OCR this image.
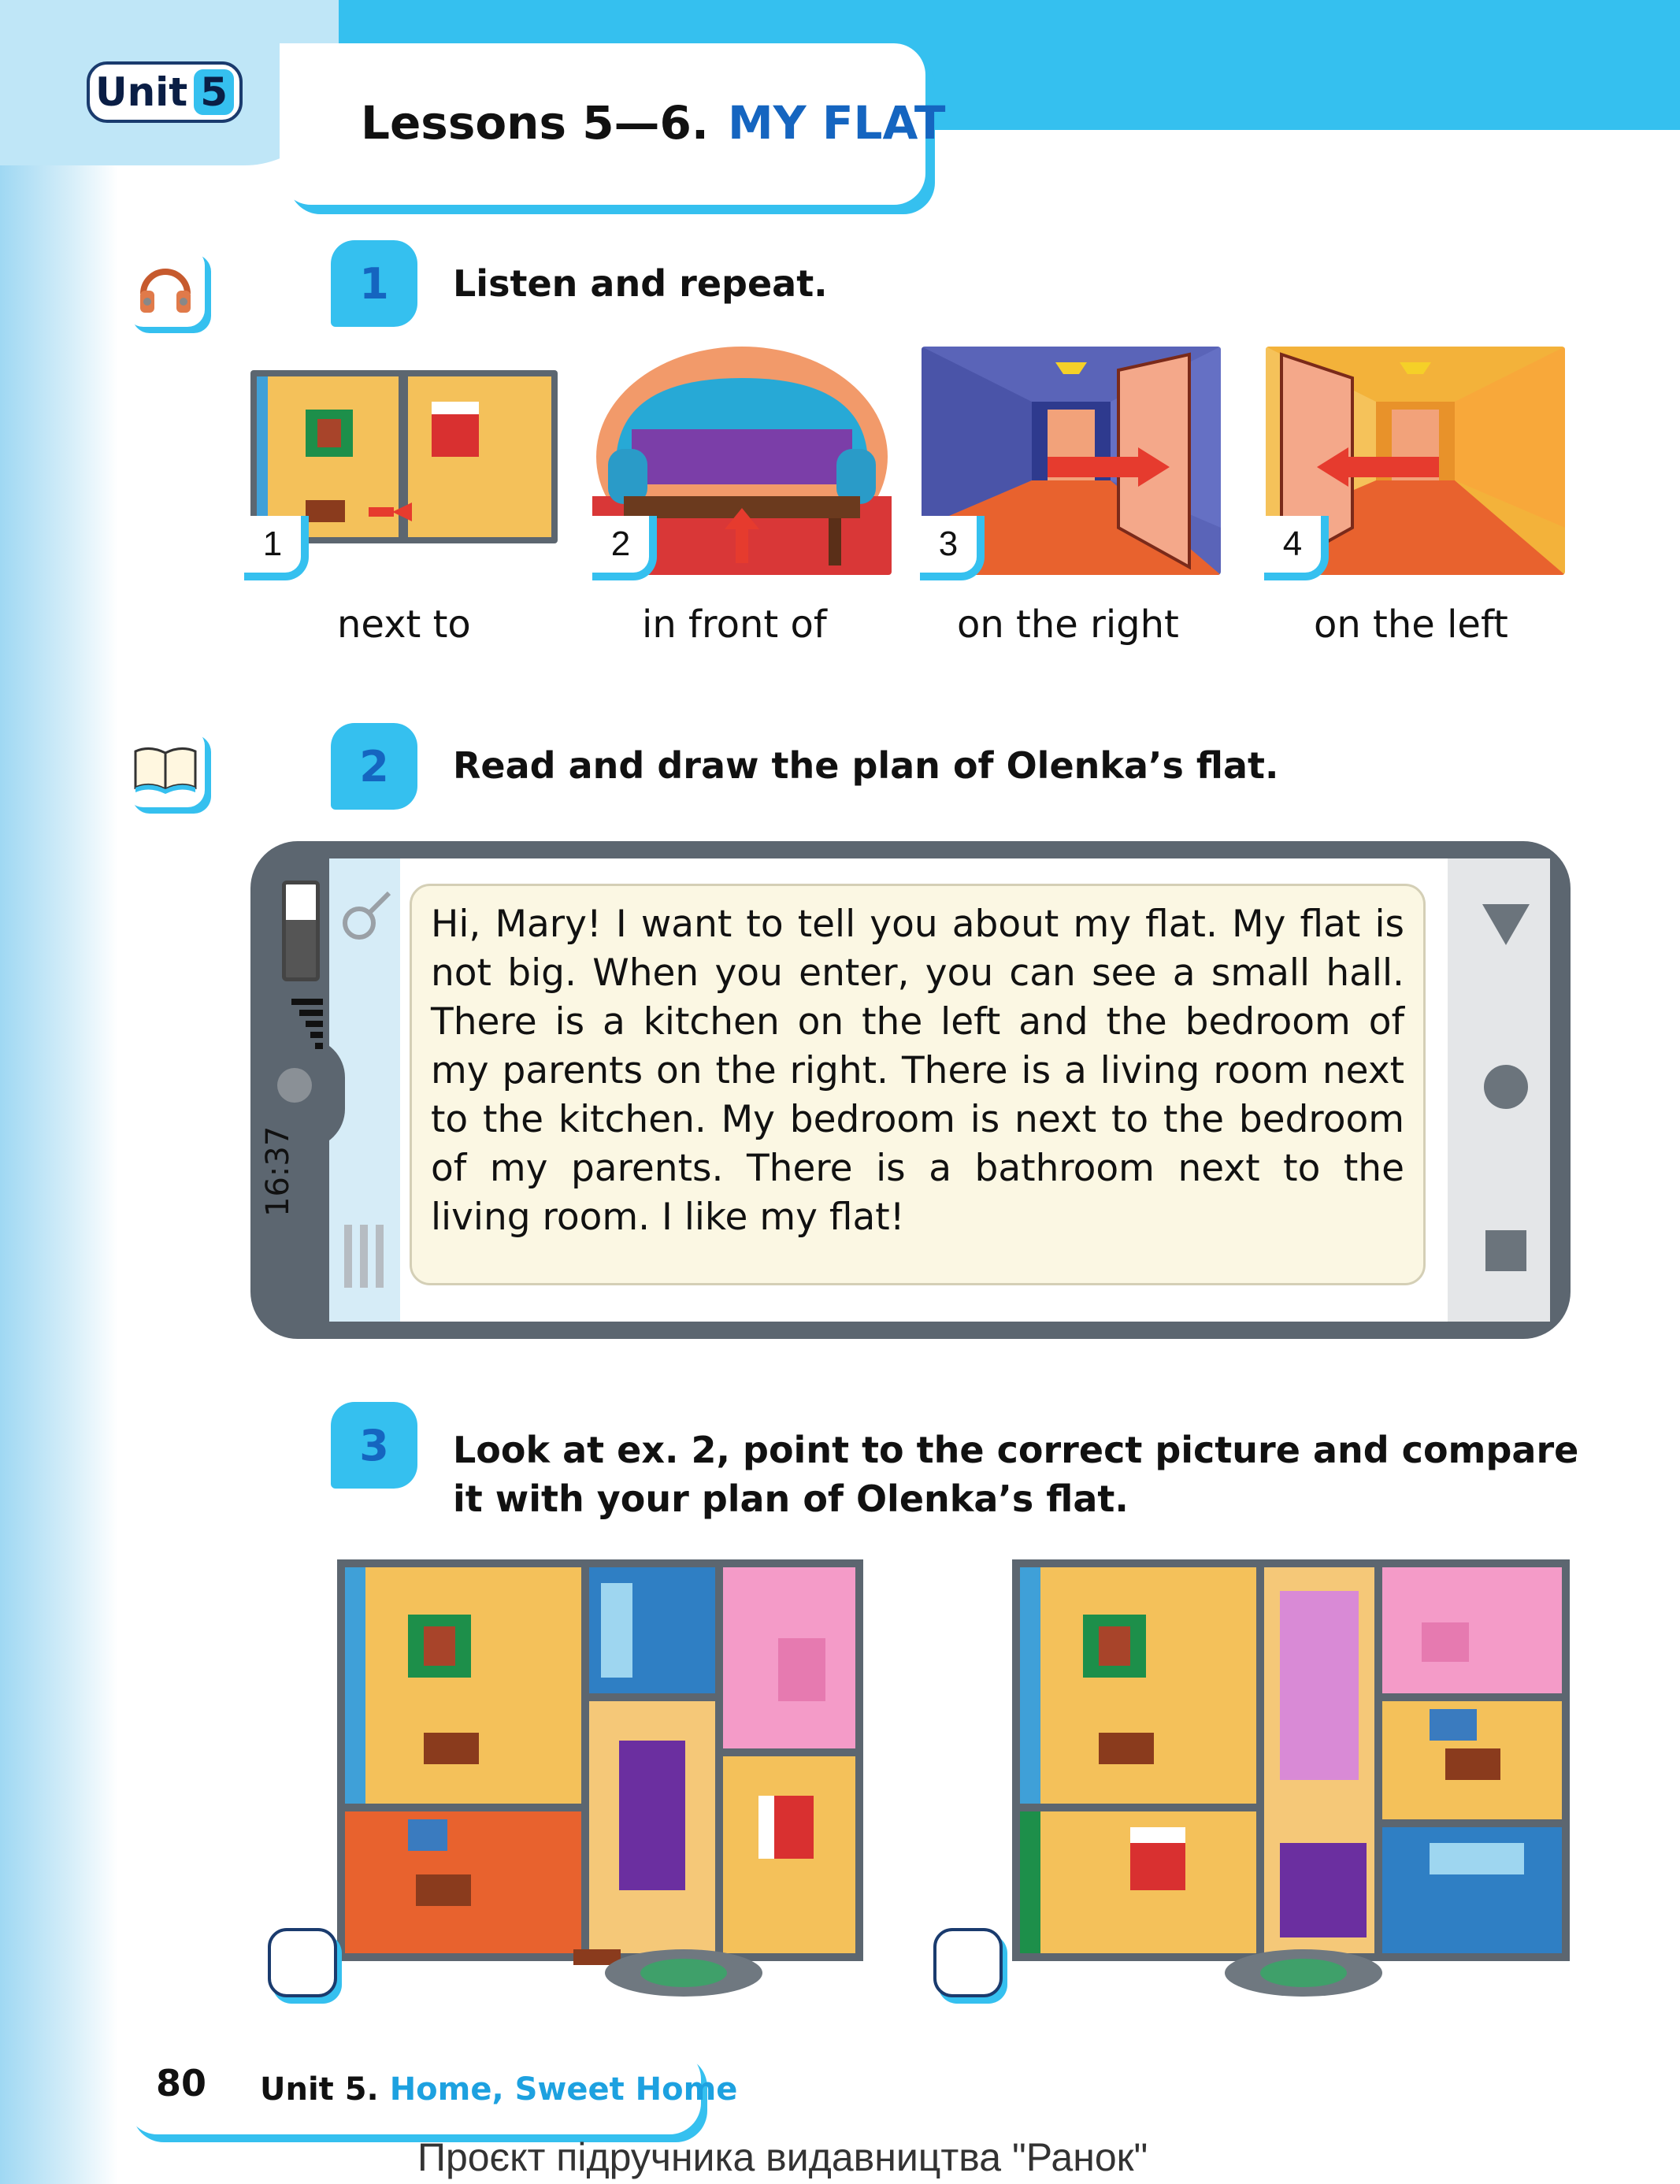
Unit 5
Lessons 5—6. MY FLAT
1	Listen and repeat.
1
next to
2
in front of
3
on the right
4
on the left
2	Read and draw the plan of Olenka’s flat.
16:37

Hi, Mary! I want to tell you about my flat. My flat is not big. When you enter, you can see a small hall. There is a kitchen on the left and the bedroom of my parents on the right. There is a living room next to the kitchen. My bedroom is next to the bedroom of my parents. There is a bathroom next to the living room. I like my flat!

3	Look at ex. 2, point to the correct picture and compare
it with your plan of Olenka’s flat.
80 Unit 5. Home, Sweet Home
Проєкт підручника видавництва "Ранок"
